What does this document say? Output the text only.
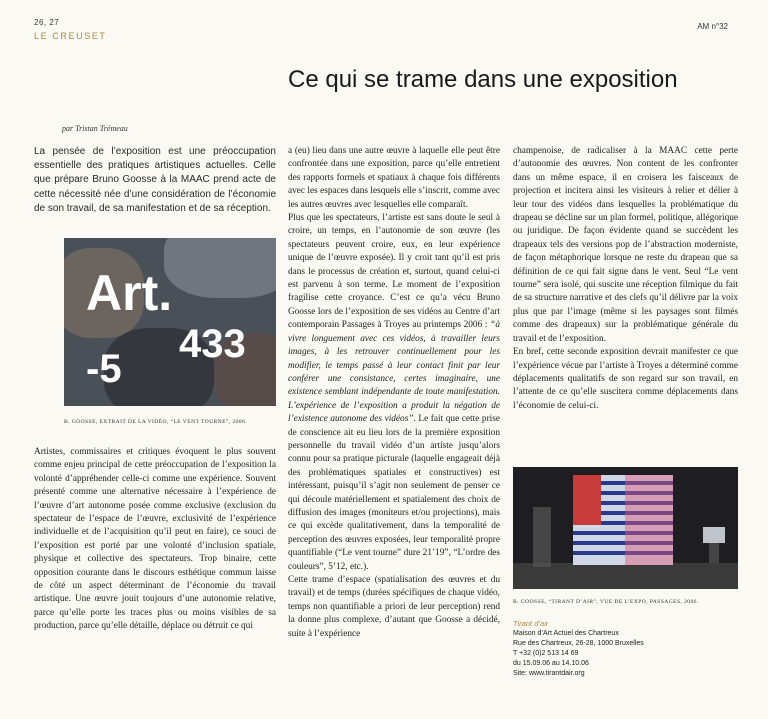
26, 27
LE CREUSET
AM n°32
Ce qui se trame dans une exposition
par Tristan Trémeau

La pensée de l’exposition est une préoccupation essentielle des pratiques artistiques actuelles. Celle que prépare Bruno Goosse à la MAAC prend acte de cette nécessité née d’une considération de l’économie de son travail, de sa manifestation et de sa réception.

Art.
433
-5
B. GOOSSE, EXTRAIT DE LA VIDÉO, “LE VENT TOURNE”, 2006.

Artistes, commissaires et critiques évoquent le plus souvent comme enjeu principal de cette préoccupation de l’exposition la volonté d’appréhender celle-ci comme une expérience. Souvent présenté comme une alternative nécessaire à l’expérience de l’œuvre d’art autonome posée comme exclusive (exclusion du spectateur de l’espace de l’œuvre, exclusivité de l’expérience individuelle et de l’acquisition qu’il peut en faire), ce souci de l’exposition est porté par une volonté d’inclusion spatiale, physique et collective des spectateurs. Trop binaire, cette opposition courante dans le discours esthétique commun laisse de côté un aspect déterminant de l’économie du travail artistique. Une œuvre jouit toujours d’une autonomie relative, parce qu’elle porte les traces plus ou moins visibles de sa production, parce qu’elle détaille, déplace ou détruit ce qui

a (eu) lieu dans une autre œuvre à laquelle elle peut être confrontée dans une exposition, parce qu’elle entretient des rapports formels et spatiaux à chaque fois différents avec les espaces dans lesquels elle s’inscrit, comme avec les autres œuvres avec lesquelles elle comparaît.

Plus que les spectateurs, l’artiste est sans doute le seul à croire, un temps, en l’autonomie de son œuvre (les spectateurs peuvent croire, eux, en leur expérience unique de l’œuvre exposée). Il y croit tant qu’il est pris dans le processus de création et, surtout, quand celui-ci est parvenu à son terme. Le moment de l’exposition fragilise cette croyance. C’est ce qu’a vécu Bruno Goosse lors de l’exposition de ses vidéos au Centre d’art contemporain Passages à Troyes au printemps 2006 : “à vivre longuement avec ces vidéos, à travailler leurs images, à les retrouver continuellement pour les modifier, le temps passé à leur contact finit par leur conférer une consistance, certes imaginaire, une existence semblant indépendante de toute manifestation. L’expérience de l’exposition a produit la négation de l’existence autonome des vidéos”. Le fait que cette prise de conscience ait eu lieu lors de la première exposition personnelle du travail vidéo d’un artiste jusqu’alors connu pour sa pratique picturale (laquelle engageait déjà des problématiques spatiales et constructives) est intéressant, puisqu’il s’agit non seulement de penser ce qui découle matériellement et spatialement des choix de diffusion des images (moniteurs et/ou projections), mais ce qui excède qualitativement, dans la temporalité de perception des œuvres exposées, leur temporalité propre quantifiable (“Le vent tourne” dure 21’19”, “L’ordre des couleurs”, 5’12, etc.).

Cette trame d’espace (spatialisation des œuvres et du travail) et de temps (durées spécifiques de chaque vidéo, temps non quantifiable a priori de leur perception) rend la donne plus complexe, d’autant que Goosse a décidé, suite à l’expérience

champenoise, de radicaliser à la MAAC cette perte d’autonomie des œuvres. Non content de les confronter dans un même espace, il en croisera les faisceaux de projection et incitera ainsi les visiteurs à relier et délier à leur tour des vidéos dans lesquelles la problématique du drapeau se décline sur un plan formel, politique, allégorique ou juridique. De façon évidente quand se succèdent les drapeaux tels des versions pop de l’abstraction moderniste, de façon métaphorique lorsque ne reste du drapeau que sa définition de ce qui fait signe dans le vent. Seul “Le vent tourne” sera isolé, qui suscite une réception filmique du fait de sa structure narrative et des clefs qu’il délivre par la voix plus que par l’image (même si les paysages sont filmés comme des drapeaux) sur la problématique générale du travail et de l’exposition.

En bref, cette seconde exposition devrait manifester ce que l’expérience vécue par l’artiste à Troyes a déterminé comme déplacements qualitatifs de son regard sur son travail, en l’attente de ce qu’elle suscitera comme déplacements dans l’économie de celui-ci.

B. GOOSSE, “TIRANT D’AIR”, VUE DE L’EXPO, PASSAGES, 2006.
Tirant d’air
Maison d’Art Actuel des Chartreux
Rue des Chartreux, 26-28, 1000 Bruxelles
T +32 (0)2 513 14 69
du 15.09.06 au 14.10.06
Site: www.tirantdair.org
